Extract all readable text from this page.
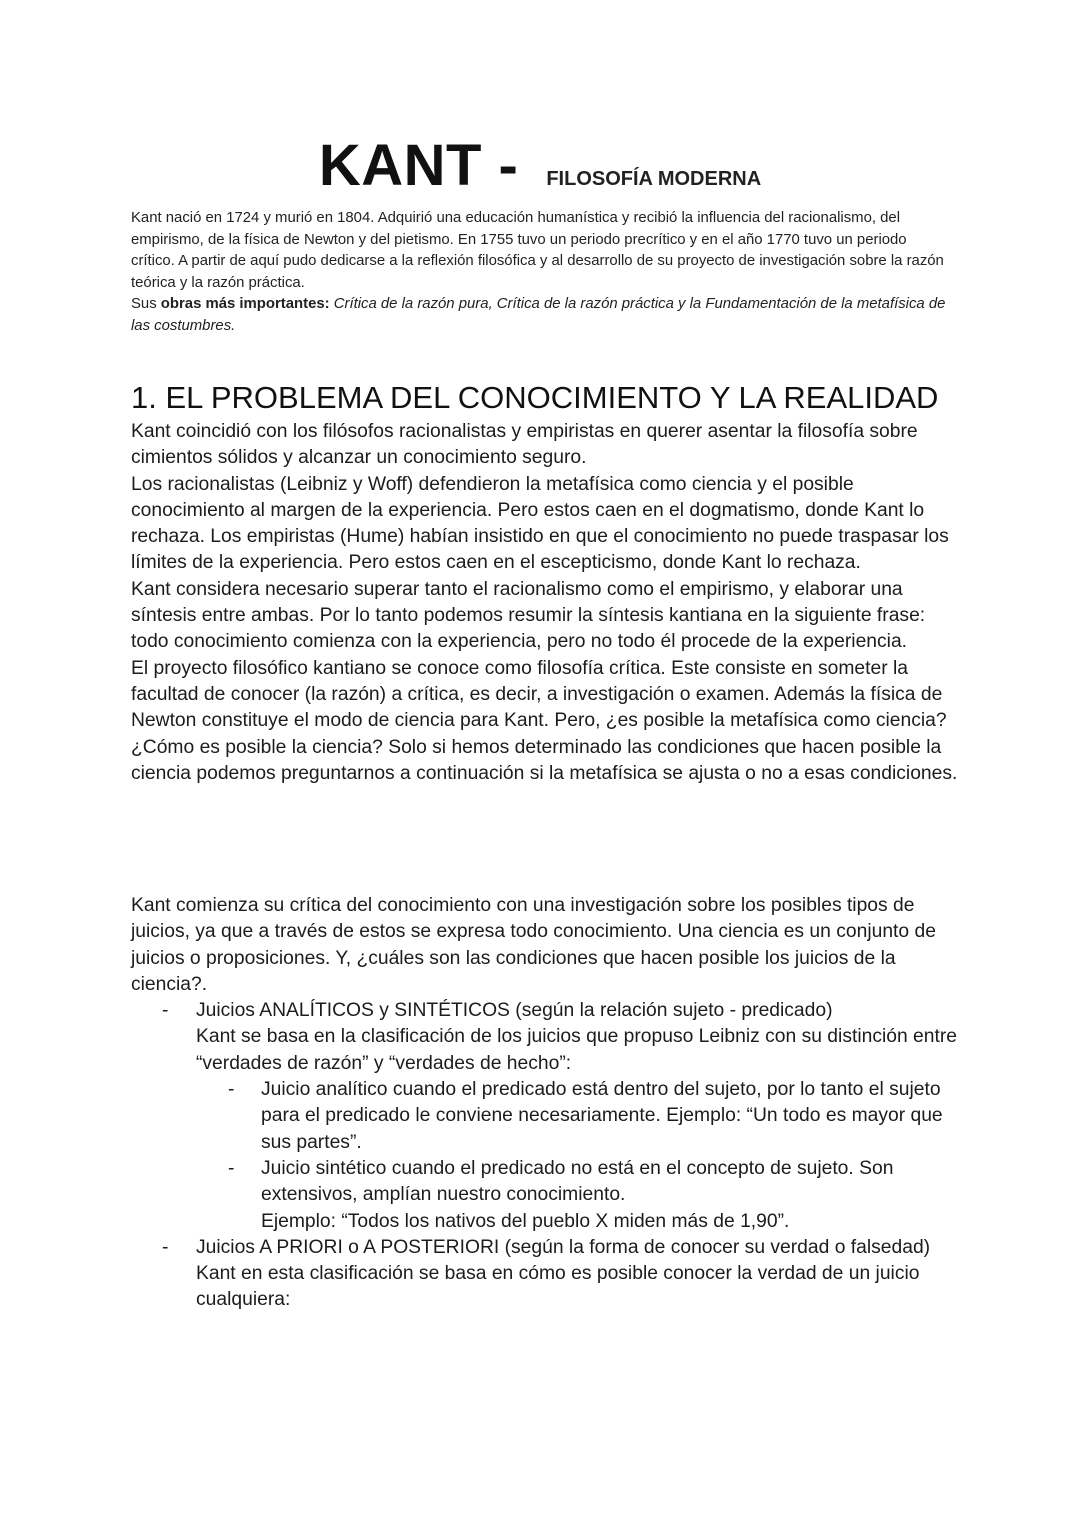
KANT - FILOSOFÍA MODERNA

Kant nació en 1724 y murió en 1804. Adquirió una educación humanística y recibió la influencia del racionalismo, del empirismo, de la física de Newton y del pietismo. En 1755 tuvo un periodo precrítico y en el año 1770 tuvo un periodo crítico. A partir de aquí pudo dedicarse a la reflexión filosófica y al desarrollo de su proyecto de investigación sobre la razón teórica y la razón práctica.

Sus obras más importantes: Crítica de la razón pura, Crítica de la razón práctica y la Fundamentación de la metafísica de las costumbres.

1. EL PROBLEMA DEL CONOCIMIENTO Y LA REALIDAD

Kant coincidió con los filósofos racionalistas y empiristas en querer asentar la filosofía sobre cimientos sólidos y alcanzar un conocimiento seguro.

Los racionalistas (Leibniz y Woff) defendieron la metafísica como ciencia y el posible conocimiento al margen de la experiencia. Pero estos caen en el dogmatismo, donde Kant lo rechaza. Los empiristas (Hume) habían insistido en que el conocimiento no puede traspasar los límites de la experiencia. Pero estos caen en el escepticismo, donde Kant lo rechaza.

Kant considera necesario superar tanto el racionalismo como el empirismo, y elaborar una síntesis entre ambas. Por lo tanto podemos resumir la síntesis kantiana en la siguiente frase: todo conocimiento comienza con la experiencia, pero no todo él procede de la experiencia.

El proyecto filosófico kantiano se conoce como filosofía crítica. Este consiste en someter la facultad de conocer (la razón) a crítica, es decir, a investigación o examen. Además la física de Newton constituye el modo de ciencia para Kant. Pero, ¿es posible la metafísica como ciencia?¿Cómo es posible la ciencia? Solo si hemos determinado las condiciones que hacen posible la ciencia podemos preguntarnos a continuación si la metafísica se ajusta o no a esas condiciones.

Kant comienza su crítica del conocimiento con una investigación sobre los posibles tipos de juicios, ya que a través de estos se expresa todo conocimiento. Una ciencia es un conjunto de juicios o proposiciones. Y, ¿cuáles son las condiciones que hacen posible los juicios de la ciencia?.

- Juicios ANALÍTICOS y SINTÉTICOS (según la relación sujeto - predicado)

Kant se basa en la clasificación de los juicios que propuso Leibniz con su distinción entre “verdades de razón” y “verdades de hecho”:

- Juicio analítico cuando el predicado está dentro del sujeto, por lo tanto el sujeto para el predicado le conviene necesariamente. Ejemplo: “Un todo es mayor que sus partes”.
- Juicio sintético cuando el predicado no está en el concepto de sujeto. Son extensivos, amplían nuestro conocimiento.

Ejemplo: “Todos los nativos del pueblo X miden más de 1,90”.

- Juicios A PRIORI o A POSTERIORI (según la forma de conocer su verdad o falsedad)

Kant en esta clasificación se basa en cómo es posible conocer la verdad de un juicio cualquiera:
